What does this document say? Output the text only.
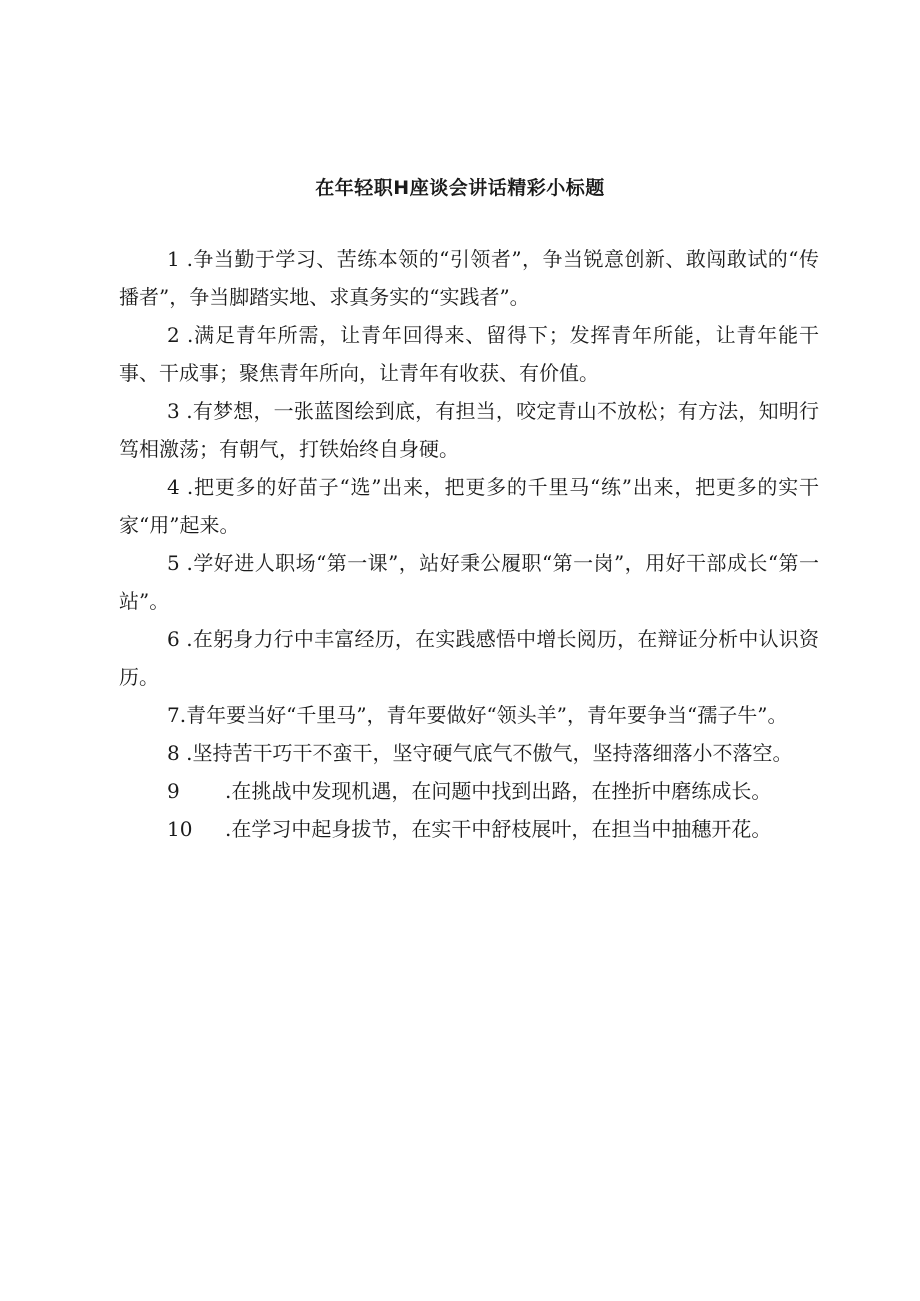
在年轻职H座谈会讲话精彩小标题

1 .争当勤于学习、苦练本领的“引领者”，争当锐意创新、敢闯敢试的“传播者”，争当脚踏实地、求真务实的“实践者”。

2 .满足青年所需，让青年回得来、留得下；发挥青年所能，让青年能干事、干成事；聚焦青年所向，让青年有收获、有价值。

3 .有梦想，一张蓝图绘到底，有担当，咬定青山不放松；有方法，知明行笃相激荡；有朝气，打铁始终自身硬。

4 .把更多的好苗子“选”出来，把更多的千里马“练”出来，把更多的实干家“用”起来。

5 .学好进人职场“第一课”，站好秉公履职“第一岗”，用好干部成长“第一站”。

6 .在躬身力行中丰富经历，在实践感悟中增长阅历，在辩证分析中认识资历。

7.青年要当好“千里马”，青年要做好“领头羊”，青年要争当“孺子牛”。

8 .坚持苦干巧干不蛮干，坚守硬气底气不傲气，坚持落细落小不落空。

9 .在挑战中发现机遇，在问题中找到出路，在挫折中磨练成长。

10 .在学习中起身拔节，在实干中舒枝展叶，在担当中抽穗开花。
